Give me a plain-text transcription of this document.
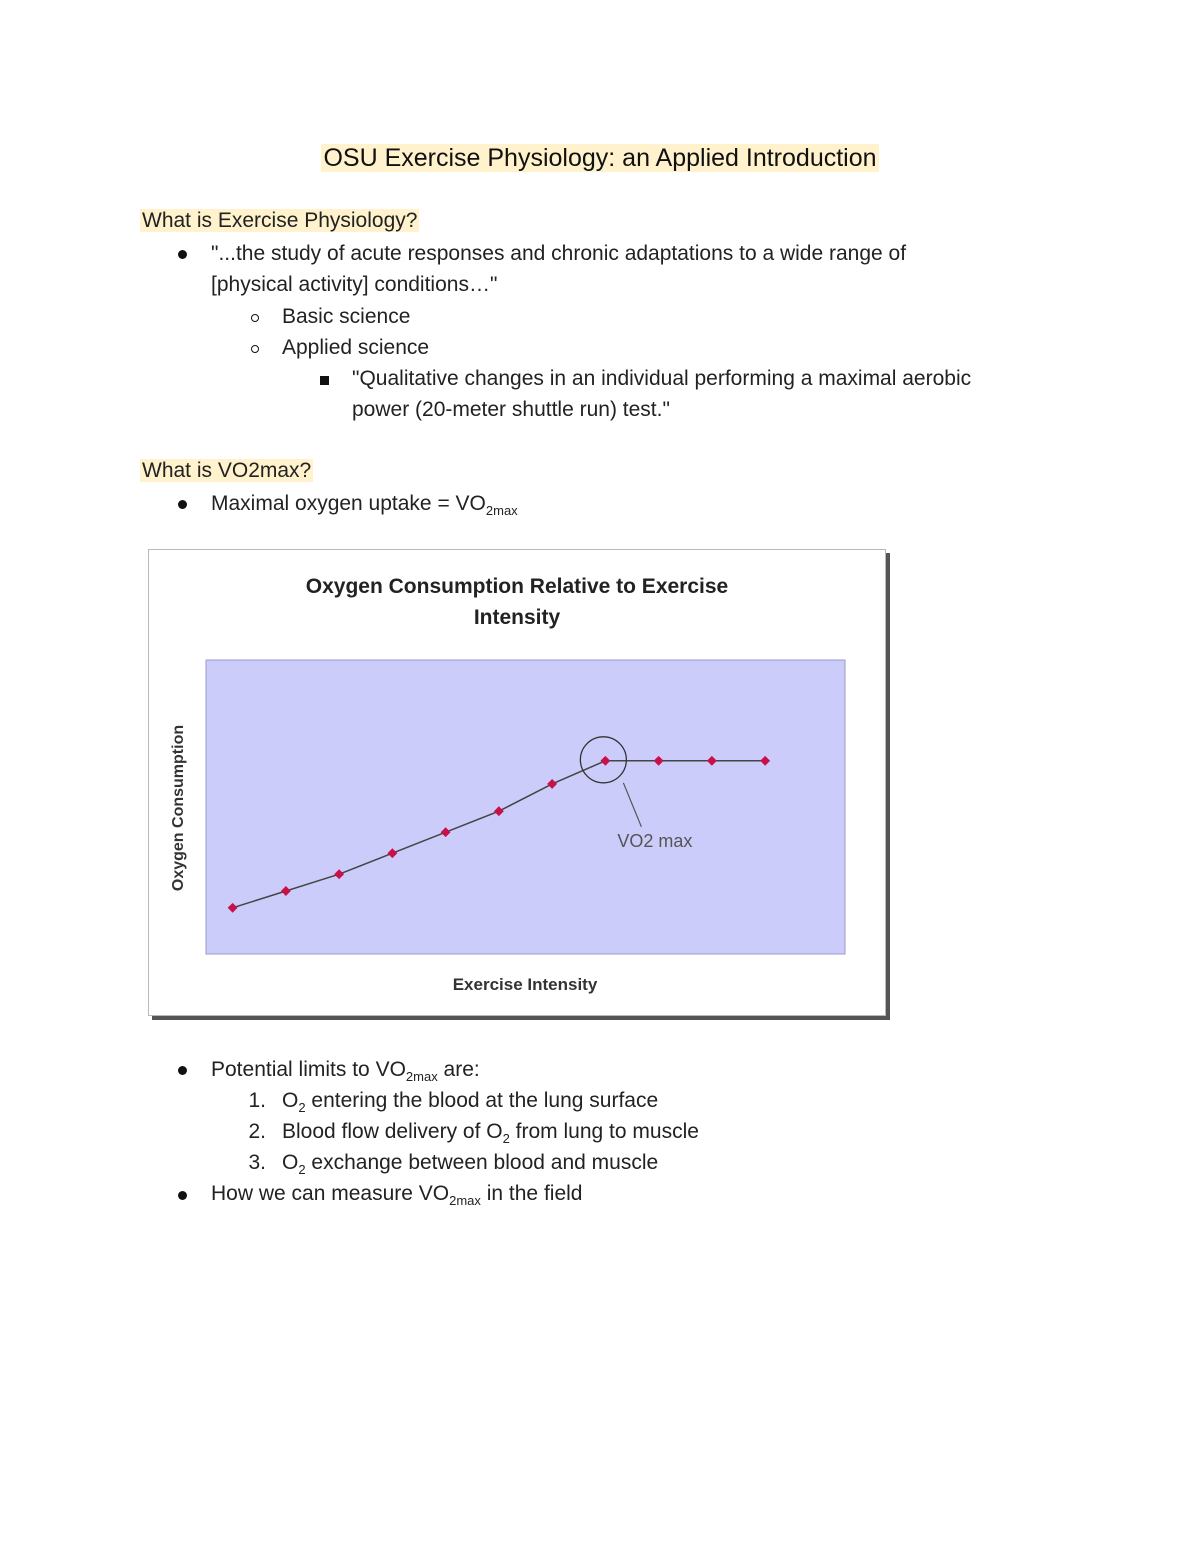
OSU Exercise Physiology: an Applied Introduction
What is Exercise Physiology?
"...the study of acute responses and chronic adaptations to a wide range of
[physical activity] conditions…"
Basic science
Applied science
"Qualitative changes in an individual performing a maximal aerobic
power (20-meter shuttle run) test."
What is VO2max?
Maximal oxygen uptake = $VO_{2max}$
Oxygen Consumption Relative to Exercise
Intensity
VO2 max
Oxygen Consumption
Exercise Intensity
Potential limits to $VO_{2max}$ are:
1. $O_2$ entering the blood at the lung surface
2. Blood flow delivery of $O_2$ from lung to muscle
3. $O_2$ exchange between blood and muscle
How we can measure $VO_{2max}$ in the field
